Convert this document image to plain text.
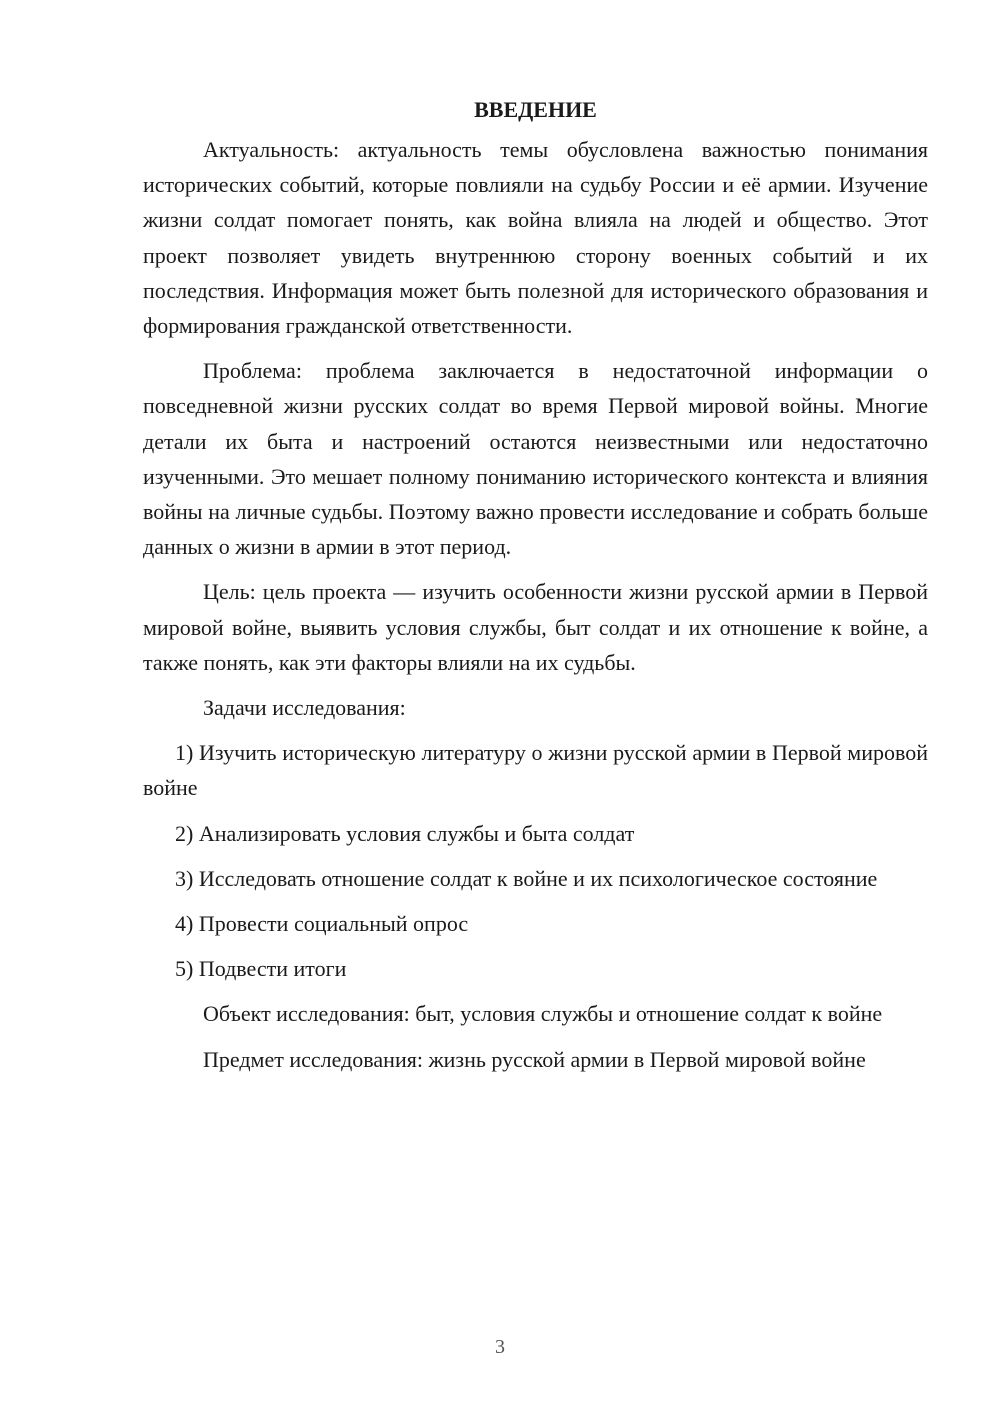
ВВЕДЕНИЕ

Актуальность: актуальность темы обусловлена важностью понимания исторических событий, которые повлияли на судьбу России и её армии. Изучение жизни солдат помогает понять, как война влияла на людей и общество. Этот проект позволяет увидеть внутреннюю сторону военных событий и их последствия. Информация может быть полезной для исторического образования и формирования гражданской ответственности.

Проблема: проблема заключается в недостаточной информации о повседневной жизни русских солдат во время Первой мировой войны. Многие детали их быта и настроений остаются неизвестными или недостаточно изученными. Это мешает полному пониманию исторического контекста и влияния войны на личные судьбы. Поэтому важно провести исследование и собрать больше данных о жизни в армии в этот период.

Цель: цель проекта — изучить особенности жизни русской армии в Первой мировой войне, выявить условия службы, быт солдат и их отношение к войне, а также понять, как эти факторы влияли на их судьбы.

Задачи исследования:

1) Изучить историческую литературу о жизни русской армии в Первой мировой войне

2) Анализировать условия службы и быта солдат

3) Исследовать отношение солдат к войне и их психологическое состояние

4) Провести социальный опрос

5) Подвести итоги

Объект исследования: быт, условия службы и отношение солдат к войне

Предмет исследования: жизнь русской армии в Первой мировой войне

3
